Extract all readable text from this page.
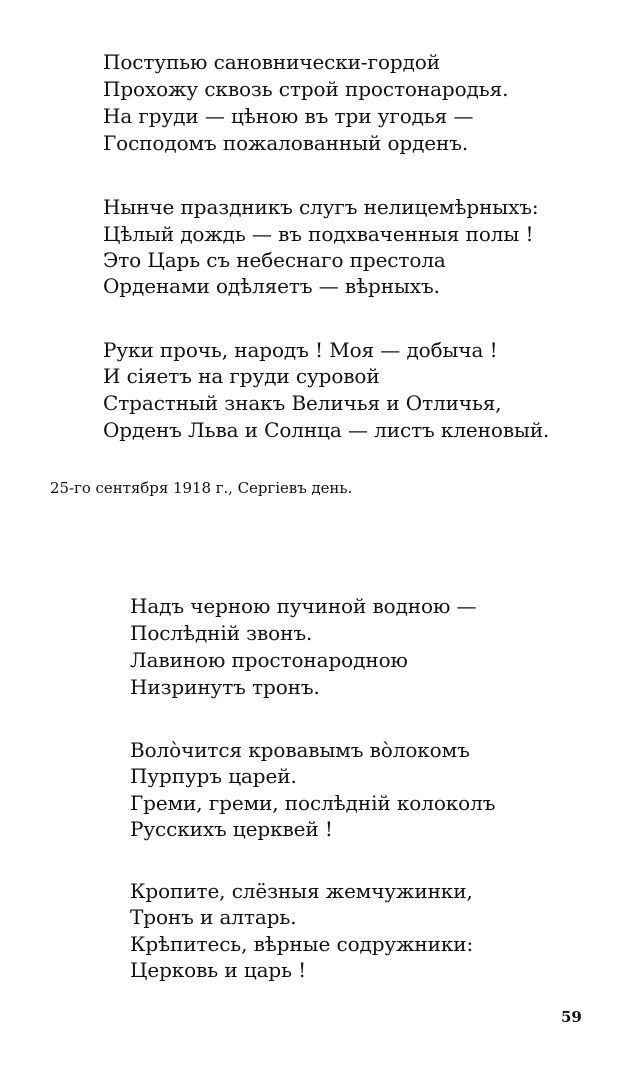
Поступью сановнически-гордой
Прохожу сквозь строй простонародья.
На груди — цѣною въ три угодья —
Господомъ пожалованный орденъ.
Нынче праздникъ слугъ нелицемѣрныхъ:
Цѣлый дождь — въ подхваченныя полы !
Это Царь съ небеснаго престола
Орденами одѣляетъ — вѣрныхъ.
Руки прочь, народъ ! Моя — добыча !
И сіяетъ на груди суровой
Страстный знакъ Величья и Отличья,
Орденъ Льва и Солнца — листъ кленовый.
25-го сентября 1918 г., Сергіевъ день.
Надъ черною пучиной водною —
Послѣдній звонъ.
Лавиною простонародною
Низринутъ тронъ.
Волòчится кровавымъ вòлокомъ
Пурпуръ царей.
Греми, греми, послѣдній колоколъ
Русскихъ церквей !
Кропите, слёзныя жемчужинки,
Тронъ и алтарь.
Крѣпитесь, вѣрные содружники:
Церковь и царь !
59
